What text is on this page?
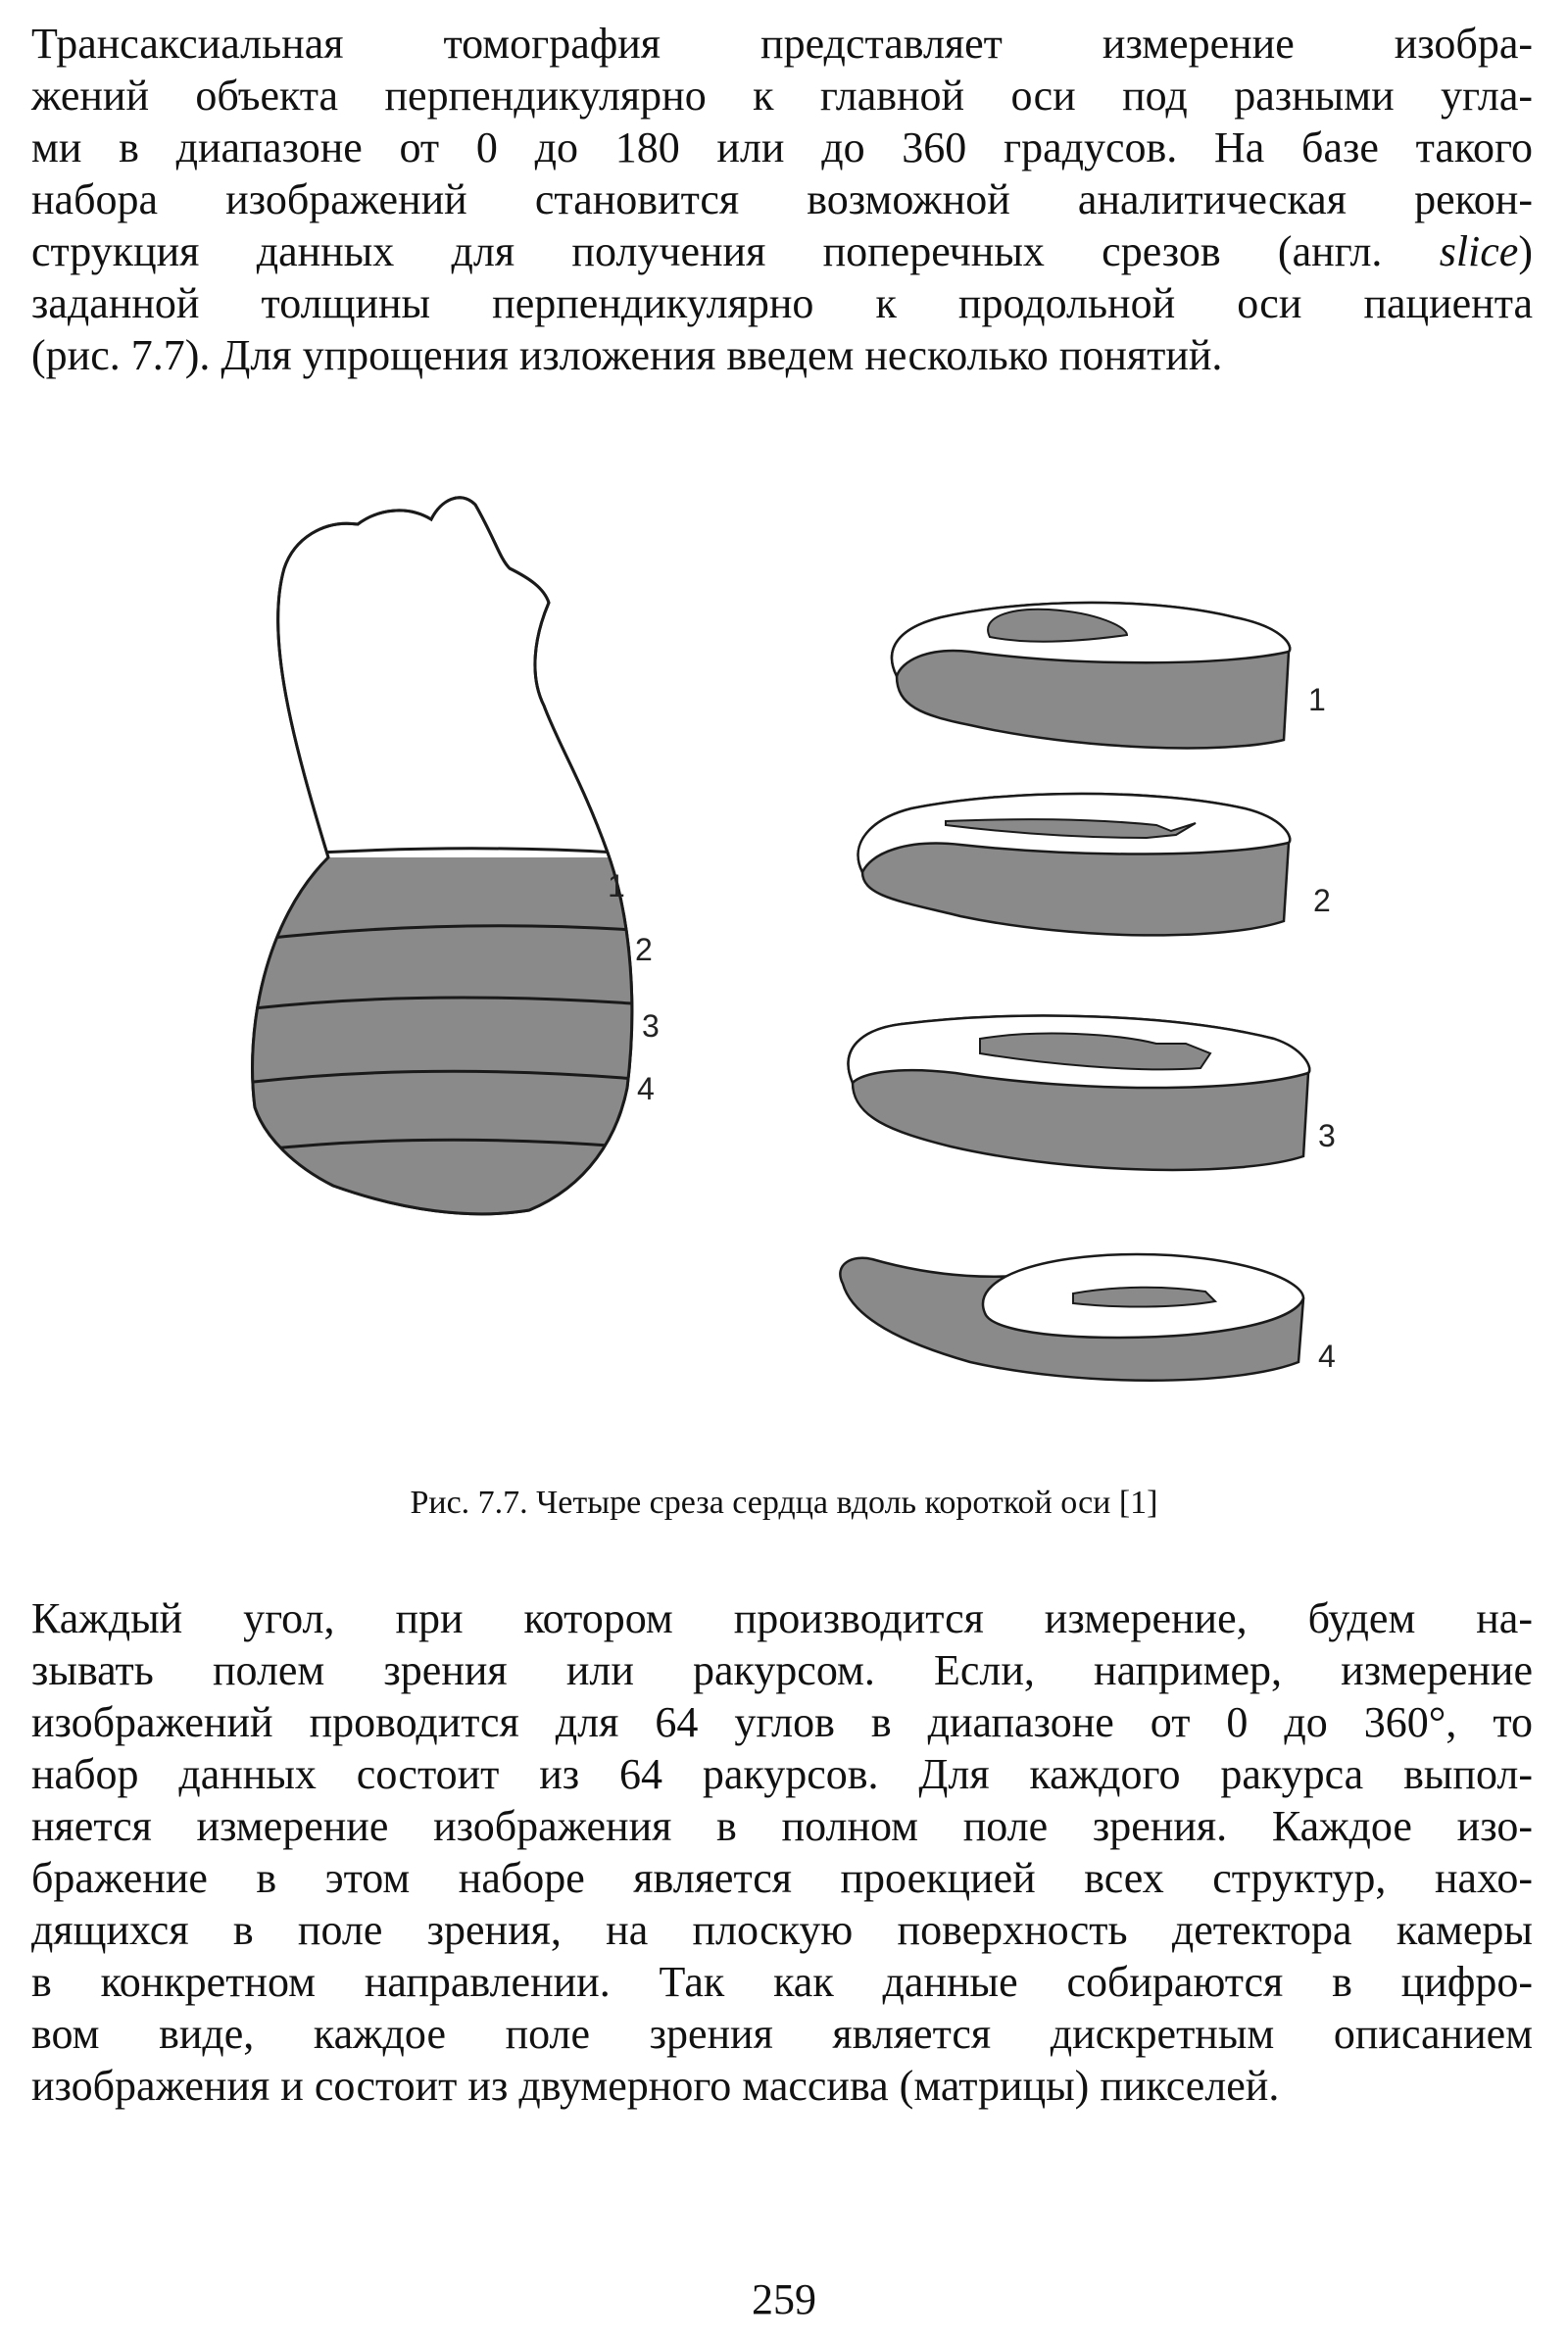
Трансаксиальная томография представляет измерение изобра-
жений объекта перпендикулярно к главной оси под разными угла-
ми в диапазоне от 0 до 180 или до 360 градусов. На базе такого
набора изображений становится возможной аналитическая рекон-
струкция данных для получения поперечных срезов (англ. slice)
заданной толщины перпендикулярно к продольной оси пациента
(рис. 7.7). Для упрощения изложения введем несколько понятий.
1
2
3
4
1
2
3
4

Рис. 7.7. Четыре среза сердца вдоль короткой оси [1]

Каждый угол, при котором производится измерение, будем на-
зывать полем зрения или ракурсом. Если, например, измерение
изображений проводится для 64 углов в диапазоне от 0 до 360°, то
набор данных состоит из 64 ракурсов. Для каждого ракурса выпол-
няется измерение изображения в полном поле зрения. Каждое изо-
бражение в этом наборе является проекцией всех структур, нахо-
дящихся в поле зрения, на плоскую поверхность детектора камеры
в конкретном направлении. Так как данные собираются в цифро-
вом виде, каждое поле зрения является дискретным описанием
изображения и состоит из двумерного массива (матрицы) пикселей.

259
